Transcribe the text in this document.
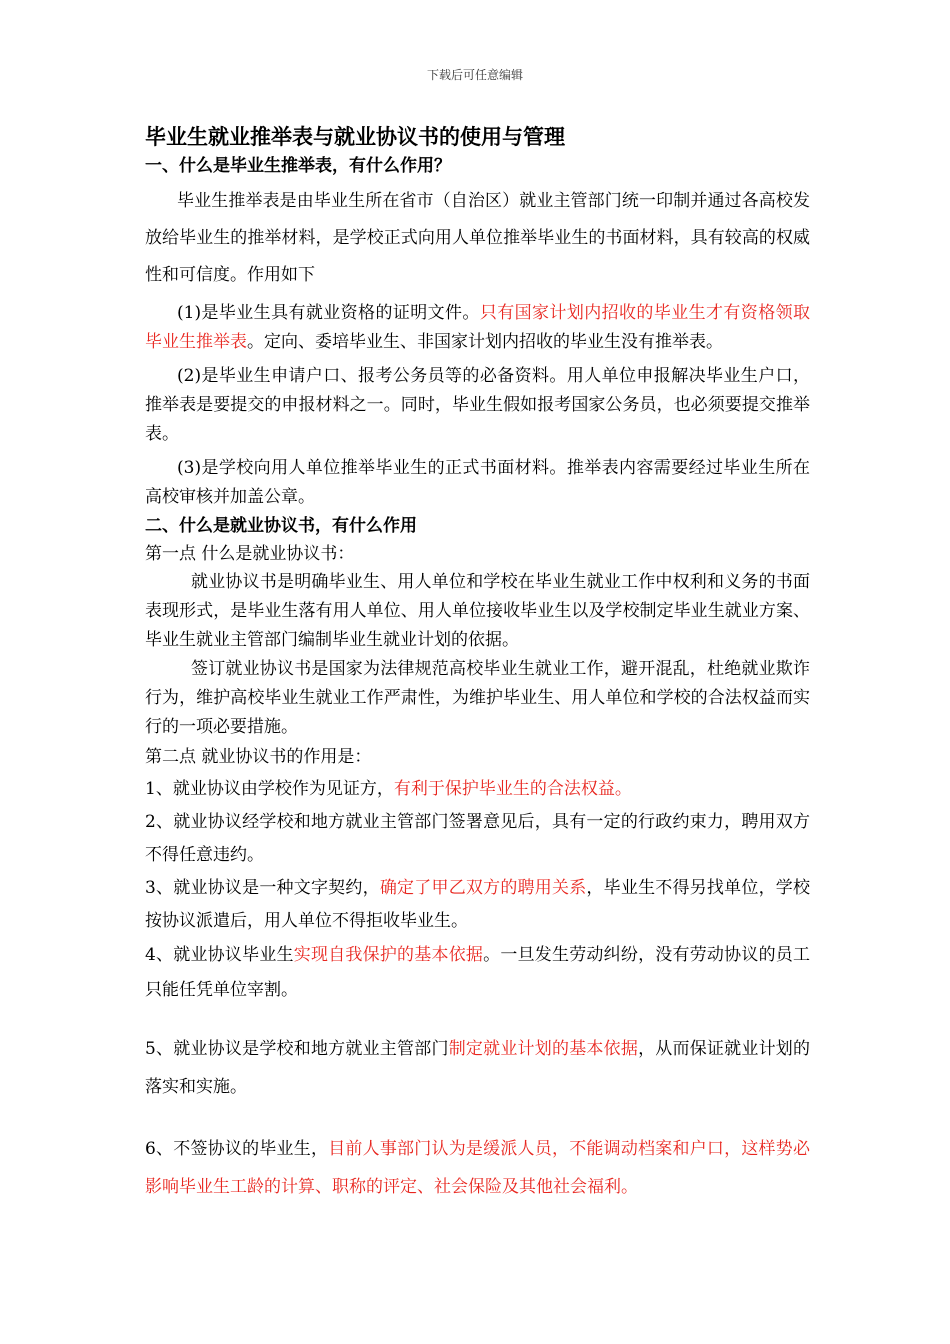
下载后可任意编辑
毕业生就业推举表与就业协议书的使用与管理
一、什么是毕业生推举表，有什么作用？

毕业生推举表是由毕业生所在省市（自治区）就业主管部门统一印制并通过各高校发放给毕业生的推举材料，是学校正式向用人单位推举毕业生的书面材料，具有较高的权威性和可信度。作用如下

(1)是毕业生具有就业资格的证明文件。只有国家计划内招收的毕业生才有资格领取毕业生推举表。定向、委培毕业生、非国家计划内招收的毕业生没有推举表。

(2)是毕业生申请户口、报考公务员等的必备资料。用人单位申报解决毕业生户口，推举表是要提交的申报材料之一。同时，毕业生假如报考国家公务员，也必须要提交推举表。

(3)是学校向用人单位推举毕业生的正式书面材料。推举表内容需要经过毕业生所在高校审核并加盖公章。

二、什么是就业协议书，有什么作用

第一点 什么是就业协议书：

就业协议书是明确毕业生、用人单位和学校在毕业生就业工作中权利和义务的书面表现形式，是毕业生落有用人单位、用人单位接收毕业生以及学校制定毕业生就业方案、毕业生就业主管部门编制毕业生就业计划的依据。

签订就业协议书是国家为法律规范高校毕业生就业工作，避开混乱，杜绝就业欺诈行为，维护高校毕业生就业工作严肃性，为维护毕业生、用人单位和学校的合法权益而实行的一项必要措施。

第二点 就业协议书的作用是：

1、就业协议由学校作为见证方，有利于保护毕业生的合法权益。

2、就业协议经学校和地方就业主管部门签署意见后，具有一定的行政约束力，聘用双方不得任意违约。

3、就业协议是一种文字契约，确定了甲乙双方的聘用关系，毕业生不得另找单位，学校按协议派遣后，用人单位不得拒收毕业生。

4、就业协议毕业生实现自我保护的基本依据。一旦发生劳动纠纷，没有劳动协议的员工只能任凭单位宰割。

5、就业协议是学校和地方就业主管部门制定就业计划的基本依据，从而保证就业计划的落实和实施。

6、不签协议的毕业生，目前人事部门认为是缓派人员，不能调动档案和户口，这样势必影响毕业生工龄的计算、职称的评定、社会保险及其他社会福利。
